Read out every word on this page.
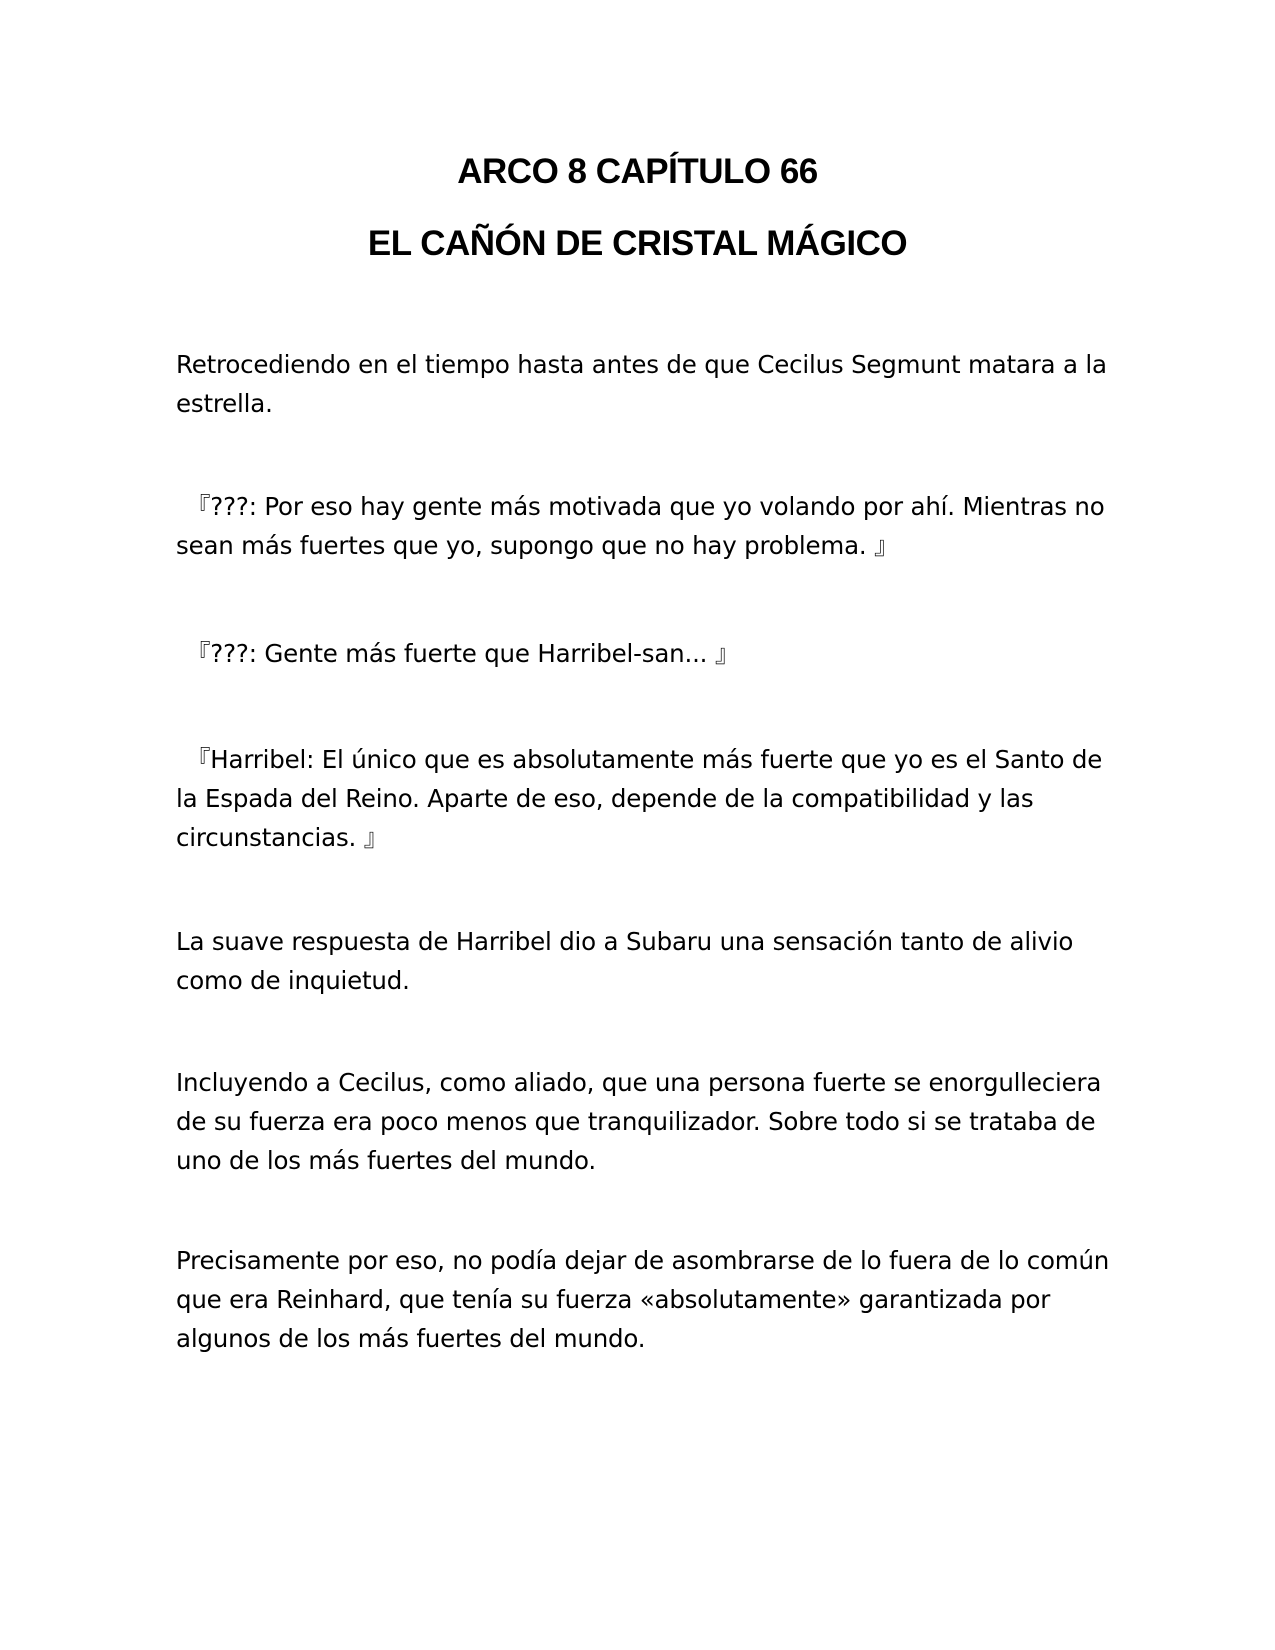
ARCO 8 CAPÍTULO 66
EL CAÑÓN DE CRISTAL MÁGICO

Retrocediendo en el tiempo hasta antes de que Cecilus Segmunt matara a la estrella.

『???: Por eso hay gente más motivada que yo volando por ahí. Mientras no sean más fuertes que yo, supongo que no hay problema. 』

『???: Gente más fuerte que Harribel-san... 』

『Harribel: El único que es absolutamente más fuerte que yo es el Santo de la Espada del Reino. Aparte de eso, depende de la compatibilidad y las circunstancias. 』

La suave respuesta de Harribel dio a Subaru una sensación tanto de alivio como de inquietud.

Incluyendo a Cecilus, como aliado, que una persona fuerte se enorgulleciera de su fuerza era poco menos que tranquilizador. Sobre todo si se trataba de uno de los más fuertes del mundo.

Precisamente por eso, no podía dejar de asombrarse de lo fuera de lo común que era Reinhard, que tenía su fuerza «absolutamente» garantizada por algunos de los más fuertes del mundo.
